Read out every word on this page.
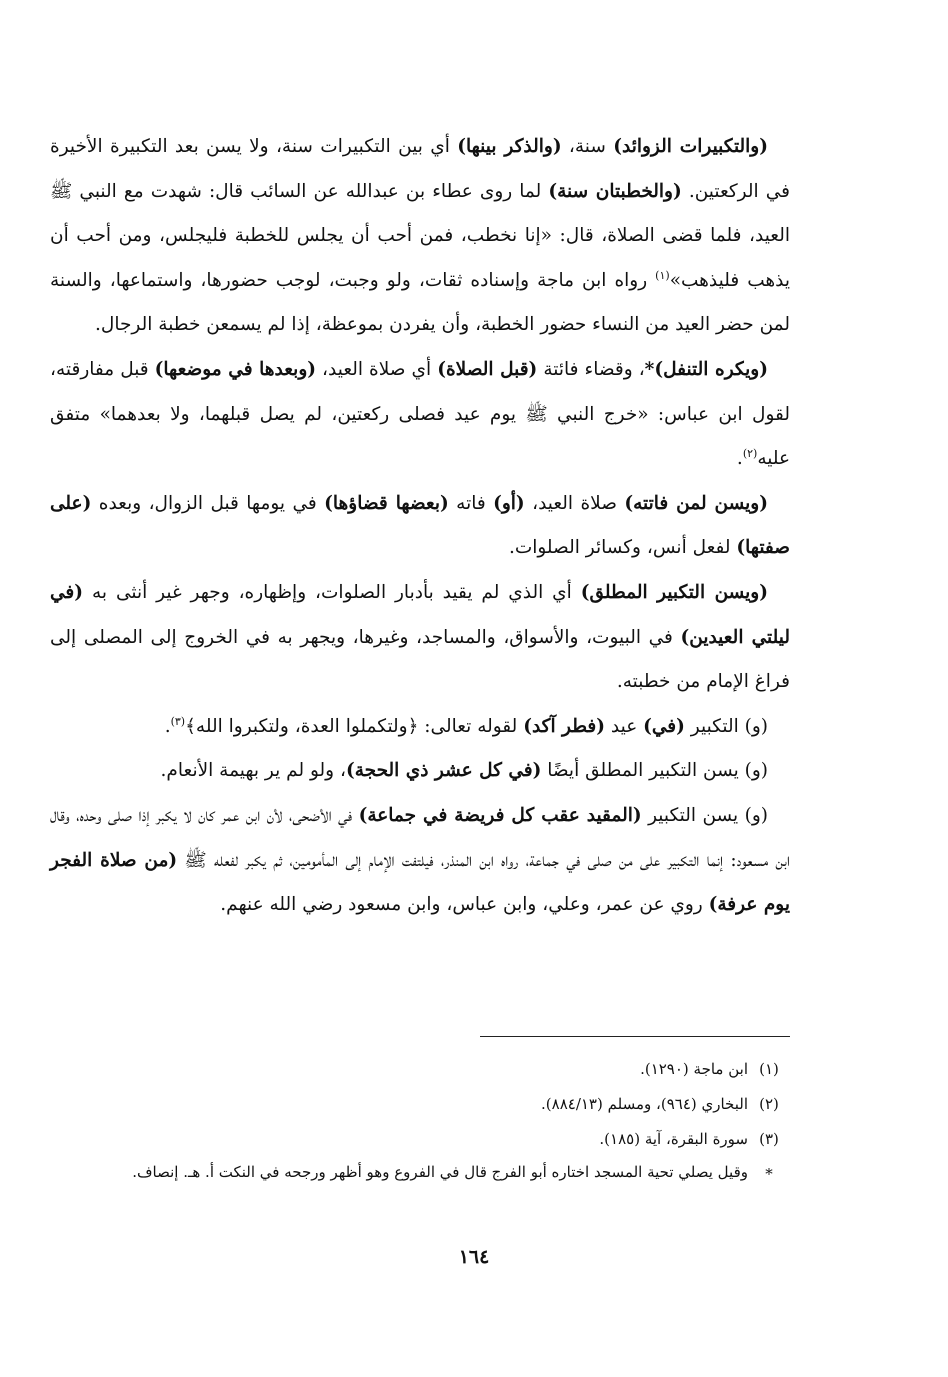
(والتكبيرات الزوائد) سنة، (والذكر بينها) أي بين التكبيرات سنة، ولا يسن بعد التكبيرة الأخيرة في الركعتين. (والخطبتان سنة) لما روى عطاء بن عبدالله عن السائب قال: شهدت مع النبي ﷺ العيد، فلما قضى الصلاة، قال: «إنا نخطب، فمن أحب أن يجلس للخطبة فليجلس، ومن أحب أن يذهب فليذهب»$^{(١)}$ رواه ابن ماجة وإسناده ثقات، ولو وجبت، لوجب حضورها، واستماعها، والسنة لمن حضر العيد من النساء حضور الخطبة، وأن يفردن بموعظة، إذا لم يسمعن خطبة الرجال.

(ويكره التنفل)*، وقضاء فائتة (قبل الصلاة) أي صلاة العيد، (وبعدها في موضعها) قبل مفارقته، لقول ابن عباس: «خرج النبي ﷺ يوم عيد فصلى ركعتين، لم يصل قبلهما، ولا بعدهما» متفق عليه$^{(٢)}$.

(ويسن لمن فاتته) صلاة العيد، (أو) فاته (بعضها قضاؤها) في يومها قبل الزوال، وبعده (على صفتها) لفعل أنس، وكسائر الصلوات.

(ويسن التكبير المطلق) أي الذي لم يقيد بأدبار الصلوات، وإظهاره، وجهر غير أنثى به (في ليلتي العيدين) في البيوت، والأسواق، والمساجد، وغيرها، ويجهر به في الخروج إلى المصلى إلى فراغ الإمام من خطبته.

(و) التكبير (في) عيد (فطر آكد) لقوله تعالى: ﴿ولتكملوا العدة، ولتكبروا الله﴾$^{(٣)}$.

(و) يسن التكبير المطلق أيضًا (في كل عشر ذي الحجة)، ولو لم ير بهيمة الأنعام.

(و) يسن التكبير (المقيد عقب كل فريضة في جماعة) في الأضحى، لأن ابن عمر كان لا يكبر إذا صلى وحده، وقال ابن مسعود: إنما التكبير على من صلى في جماعة، رواه ابن المنذر، فيلتفت الإمام إلى المأمومين، ثم يكبر لفعله ﷺ (من صلاة الفجر يوم عرفة) روي عن عمر، وعلي، وابن عباس، وابن مسعود رضي الله عنهم.

(١)
ابن ماجة (١٢٩٠).
(٢)
البخاري (٩٦٤)، ومسلم (٨٨٤/١٣).
(٣)
سورة البقرة، آية (١٨٥).
*
وقيل يصلي تحية المسجد اختاره أبو الفرج قال في الفروع وهو أظهر ورجحه في النكت أ. هـ. إنصاف.
١٦٤
